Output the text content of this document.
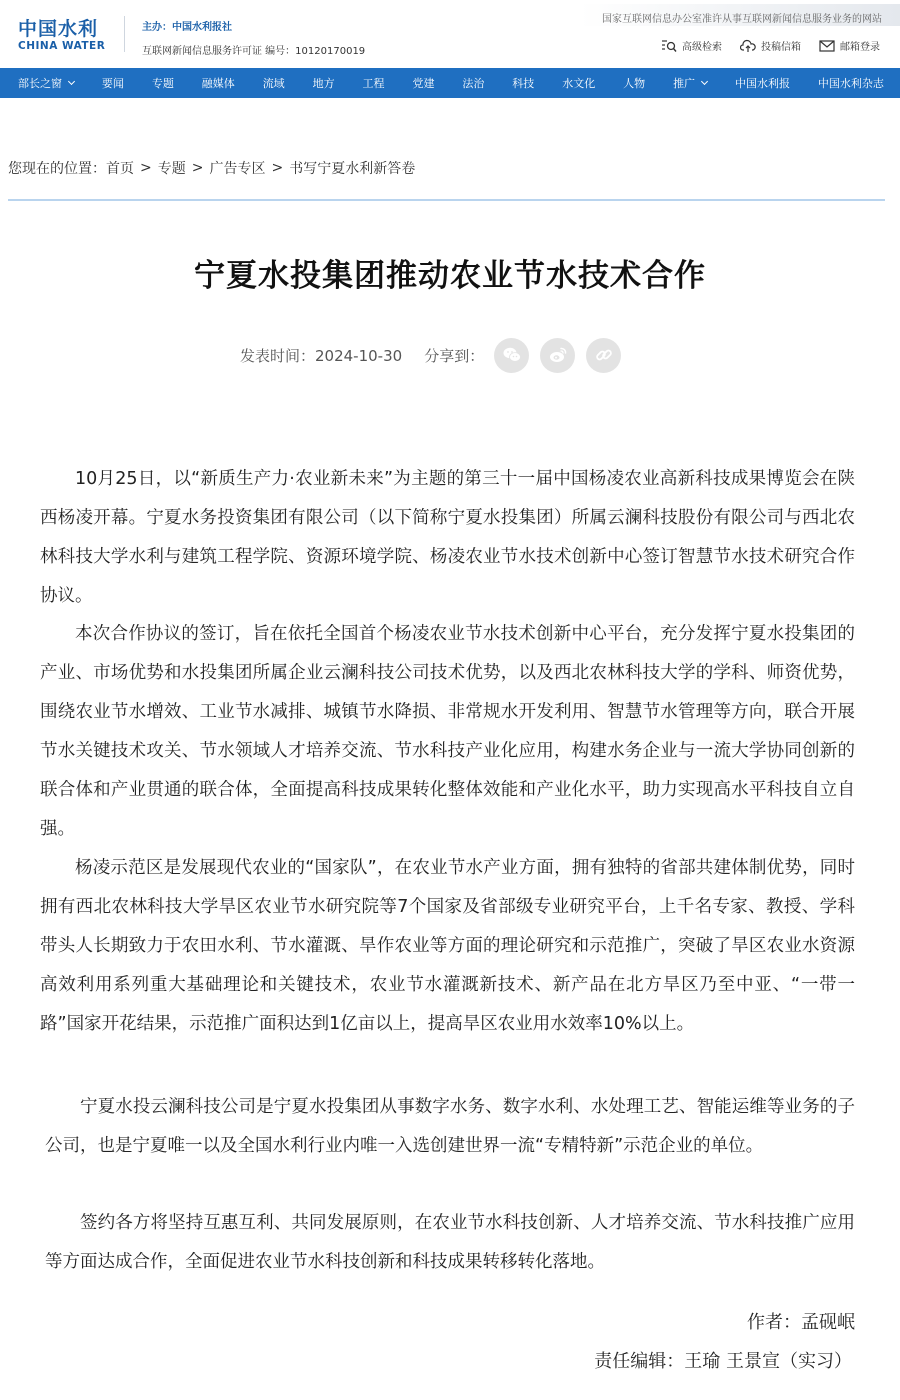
中国水利
CHINA WATER
主办：中国水利报社
互联网新闻信息服务许可证 编号：10120170019
国家互联网信息办公室准许从事互联网新闻信息服务业务的网站
高级检索	投稿信箱	邮箱登录
部长之窗	要闻	专题	融媒体	流域	地方	工程	党建	法治	科技	水文化	人物	推广	中国水利报	中国水利杂志
您现在的位置： 首页 > 专题 > 广告专区 > 书写宁夏水利新答卷
宁夏水投集团推动农业节水技术合作
发表时间：2024-10-30 分享到：

10月25日，以“新质生产力·农业新未来”为主题的第三十一届中国杨凌农业高新科技成果博览会在陕西杨凌开幕。宁夏水务投资集团有限公司（以下简称宁夏水投集团）所属云澜科技股份有限公司与西北农林科技大学水利与建筑工程学院、资源环境学院、杨凌农业节水技术创新中心签订智慧节水技术研究合作协议。

本次合作协议的签订，旨在依托全国首个杨凌农业节水技术创新中心平台，充分发挥宁夏水投集团的产业、市场优势和水投集团所属企业云澜科技公司技术优势，以及西北农林科技大学的学科、师资优势，围绕农业节水增效、工业节水减排、城镇节水降损、非常规水开发利用、智慧节水管理等方向，联合开展节水关键技术攻关、节水领域人才培养交流、节水科技产业化应用，构建水务企业与一流大学协同创新的联合体和产业贯通的联合体，全面提高科技成果转化整体效能和产业化水平，助力实现高水平科技自立自强。

杨凌示范区是发展现代农业的“国家队”，在农业节水产业方面，拥有独特的省部共建体制优势，同时拥有西北农林科技大学旱区农业节水研究院等7个国家及省部级专业研究平台，上千名专家、教授、学科带头人长期致力于农田水利、节水灌溉、旱作农业等方面的理论研究和示范推广，突破了旱区农业水资源高效利用系列重大基础理论和关键技术，农业节水灌溉新技术、新产品在北方旱区乃至中亚、“一带一路”国家开花结果，示范推广面积达到1亿亩以上，提高旱区农业用水效率10%以上。

宁夏水投云澜科技公司是宁夏水投集团从事数字水务、数字水利、水处理工艺、智能运维等业务的子公司，也是宁夏唯一以及全国水利行业内唯一入选创建世界一流“专精特新”示范企业的单位。

签约各方将坚持互惠互利、共同发展原则，在农业节水科技创新、人才培养交流、节水科技推广应用等方面达成合作，全面促进农业节水科技创新和科技成果转移转化落地。

作者：孟砚岷
责任编辑：王瑜 王景宣（实习）
